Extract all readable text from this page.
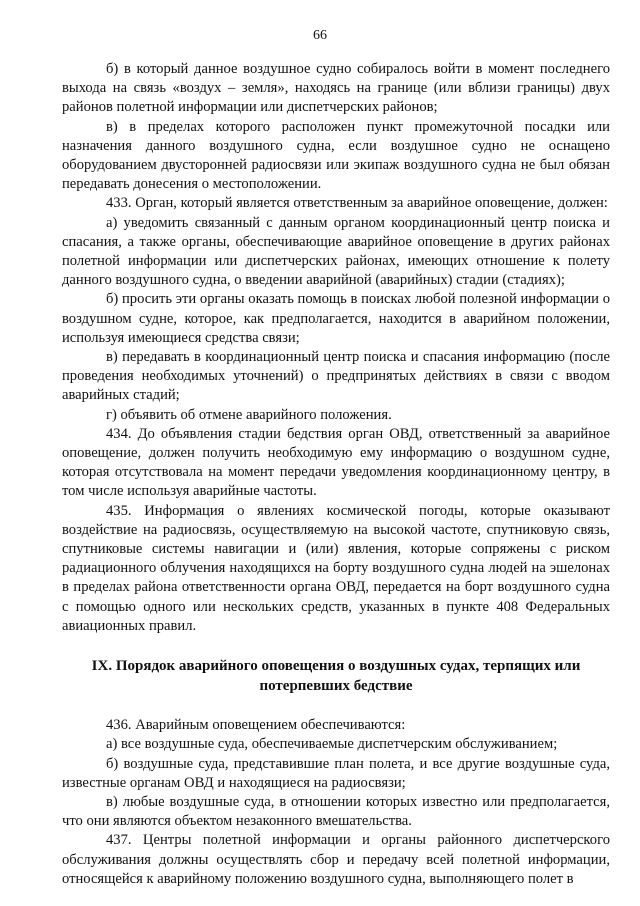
66

б) в который данное воздушное судно собиралось войти в момент последнего выхода на связь «воздух – земля», находясь на границе (или вблизи границы) двух районов полетной информации или диспетчерских районов;

в) в пределах которого расположен пункт промежуточной посадки или назначения данного воздушного судна, если воздушное судно не оснащено оборудованием двусторонней радиосвязи или экипаж воздушного судна не был обязан передавать донесения о местоположении.

433. Орган, который является ответственным за аварийное оповещение, должен:

а) уведомить связанный с данным органом координационный центр поиска и спасания, а также органы, обеспечивающие аварийное оповещение в других районах полетной информации или диспетчерских районах, имеющих отношение к полету данного воздушного судна, о введении аварийной (аварийных) стадии (стадиях);

б) просить эти органы оказать помощь в поисках любой полезной информации о воздушном судне, которое, как предполагается, находится в аварийном положении, используя имеющиеся средства связи;

в) передавать в координационный центр поиска и спасания информацию (после проведения необходимых уточнений) о предпринятых действиях в связи с вводом аварийных стадий;

г) объявить об отмене аварийного положения.

434. До объявления стадии бедствия орган ОВД, ответственный за аварийное оповещение, должен получить необходимую ему информацию о воздушном судне, которая отсутствовала на момент передачи уведомления координационному центру, в том числе используя аварийные частоты.

435. Информация о явлениях космической погоды, которые оказывают воздействие на радиосвязь, осуществляемую на высокой частоте, спутниковую связь, спутниковые системы навигации и (или) явления, которые сопряжены с риском радиационного облучения находящихся на борту воздушного судна людей на эшелонах в пределах района ответственности органа ОВД, передается на борт воздушного судна с помощью одного или нескольких средств, указанных в пункте 408 Федеральных авиационных правил.

IX. Порядок аварийного оповещения о воздушных судах, терпящих или потерпевших бедствие

436. Аварийным оповещением обеспечиваются:

а) все воздушные суда, обеспечиваемые диспетчерским обслуживанием;

б) воздушные суда, представившие план полета, и все другие воздушные суда, известные органам ОВД и находящиеся на радиосвязи;

в) любые воздушные суда, в отношении которых известно или предполагается, что они являются объектом незаконного вмешательства.

437. Центры полетной информации и органы районного диспетчерского обслуживания должны осуществлять сбор и передачу всей полетной информации, относящейся к аварийному положению воздушного судна, выполняющего полет в
